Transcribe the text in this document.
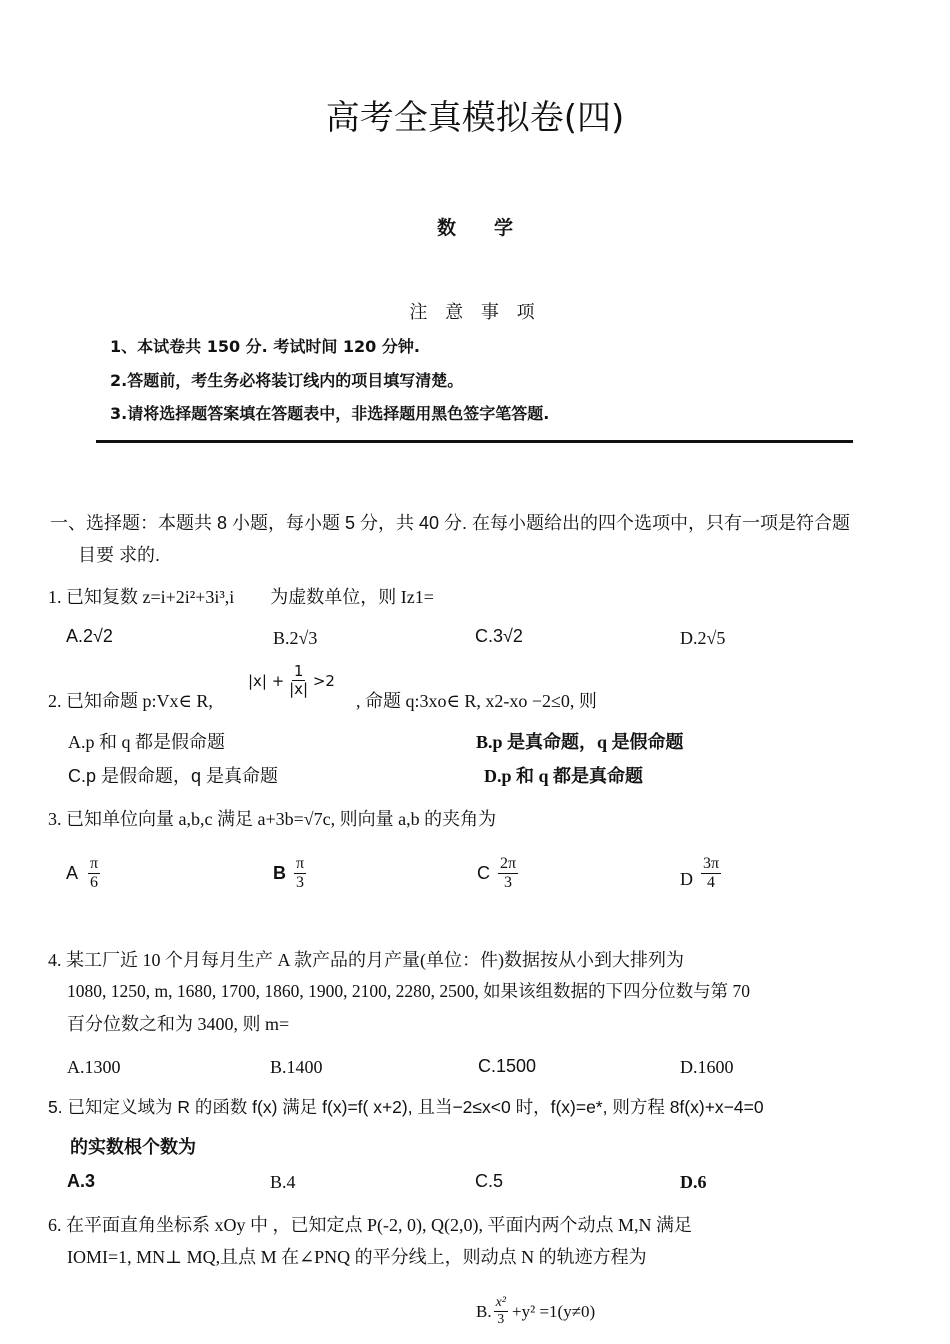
高考全真模拟卷(四)
数　　学
注 意 事 项
1、本试卷共 150 分. 考试时间 120 分钟.
2.答题前，考生务必将装订线内的项目填写清楚。
3.请将选择题答案填在答题表中，非选择题用黑色签字笔答题.
一、选择题：本题共 8 小题，每小题 5 分，共 40 分. 在每小题给出的四个选项中，只有一项是符合题
目要 求的.
1. 已知复数 z=i+2i²+3i³,i　　为虚数单位，则 Iz1=
A.2√2	B.2√3	C.3√2	D.2√5
2. 已知命题 p:Vx∈ R,
$|x| + \frac{1}{|x|} >2$
, 命题 q:3xo∈ R, x2-xo −2≤0, 则
A.p 和 q 都是假命题	B.p 是真命题，q 是假命题
C.p 是假命题，q 是真命题	D.p 和 q 都是真命题
3. 已知单位向量 a,b,c 满足 a+3b=√7c, 则向量 a,b 的夹角为
A $\frac{\pi}{6}$	B $\frac{\pi}{3}$	C $\frac{2\pi}{3}$	D $\frac{3\pi}{4}$
4. 某工厂近 10 个月每月生产 A 款产品的月产量(单位：件)数据按从小到大排列为
1080, 1250, m, 1680, 1700, 1860, 1900, 2100, 2280, 2500, 如果该组数据的下四分位数与第 70
百分位数之和为 3400, 则 m=
A.1300	B.1400	C.1500	D.1600
5. 已知定义域为 R 的函数 f(x) 满足 f(x)=f( x+2), 且当−2≤x<0 时，f(x)=e*, 则方程 8f(x)+x−4=0
的实数根个数为
A.3	B.4	C.5	D.6
6. 在平面直角坐标系 xOy 中 ，已知定点 P(-2, 0), Q(2,0), 平面内两个动点 M,N 满足
IOMI=1, MN⊥ MQ,且点 M 在∠PNQ 的平分线上，则动点 N 的轨迹方程为
B. $\frac{\text{x²}}{3} +y^2 =1(y\ne 0)$
